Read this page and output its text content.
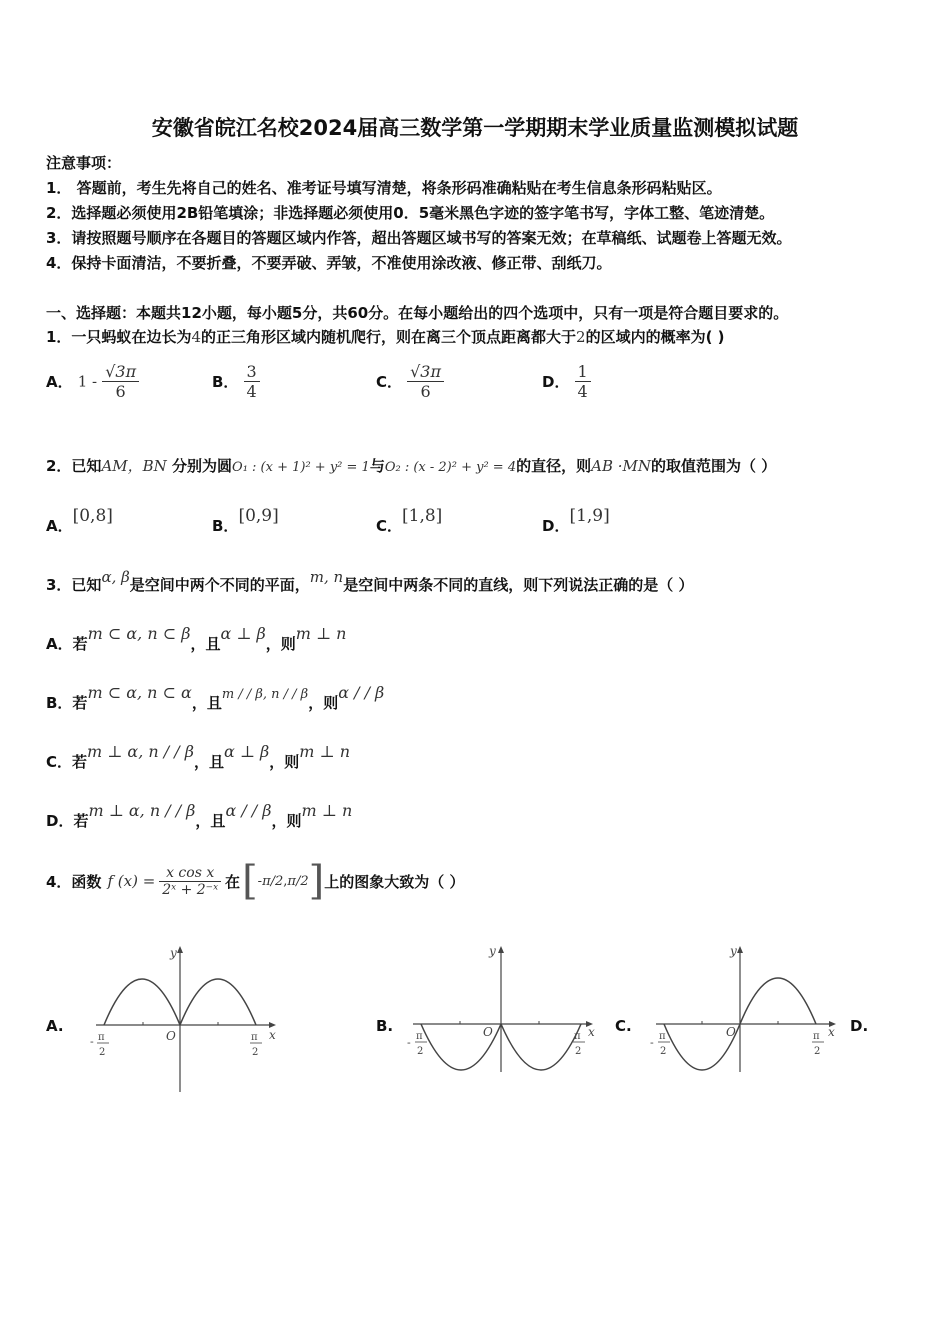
安徽省皖江名校2024届高三数学第一学期期末学业质量监测模拟试题
注意事项：
1． 答题前，考生先将自己的姓名、准考证号填写清楚，将条形码准确粘贴在考生信息条形码粘贴区。
2．选择题必须使用2B铅笔填涂；非选择题必须使用0．5毫米黑色字迹的签字笔书写，字体工整、笔迹清楚。
3．请按照题号顺序在各题目的答题区域内作答，超出答题区域书写的答案无效；在草稿纸、试题卷上答题无效。
4．保持卡面清洁，不要折叠，不要弄破、弄皱，不准使用涂改液、修正带、刮纸刀。
一、选择题：本题共12小题，每小题5分，共60分。在每小题给出的四个选项中，只有一项是符合题目要求的。
1．一只蚂蚁在边长为4的正三角形区域内随机爬行，则在离三个顶点距离都大于2的区域内的概率为( )
A． $1 - \frac{√3\pi}{6}$	B． $\frac{3}{4}$	C． $\frac{√3\pi}{6}$	D． $\frac{1}{4}$
2．已知AM，BN 分别为圆O₁ : (x + 1)² + y² = 1与O₂ : (x - 2)² + y² = 4的直径，则AB ·MN的取值范围为（ ）
A．[0,8]	B．[0,9]	C．[1,8]	D．[1,9]
3．已知α, β是空间中两个不同的平面，m, n是空间中两条不同的直线，则下列说法正确的是（ ）
A．若m ⊂ α, n ⊂ β，且α ⊥ β，则m ⊥ n
B．若m ⊂ α, n ⊂ α，且m / / β, n / / β，则α / / β
C．若m ⊥ α, n / / β，且α ⊥ β，则m ⊥ n
D．若m ⊥ α, n / / β，且α / / β，则m ⊥ n
4．函数 f $(x) = \frac{\text{x cos x}}{\text{2ˣ + 2⁻ˣ}}$ 在 [ -π/2 , π/2 ] 上的图象大致为（ ）
A.
y
x
O
- π
2
π
2
B.
y
x
O
- π
2
π
2
C.
y
x
O
- π
2
π
2
D.
